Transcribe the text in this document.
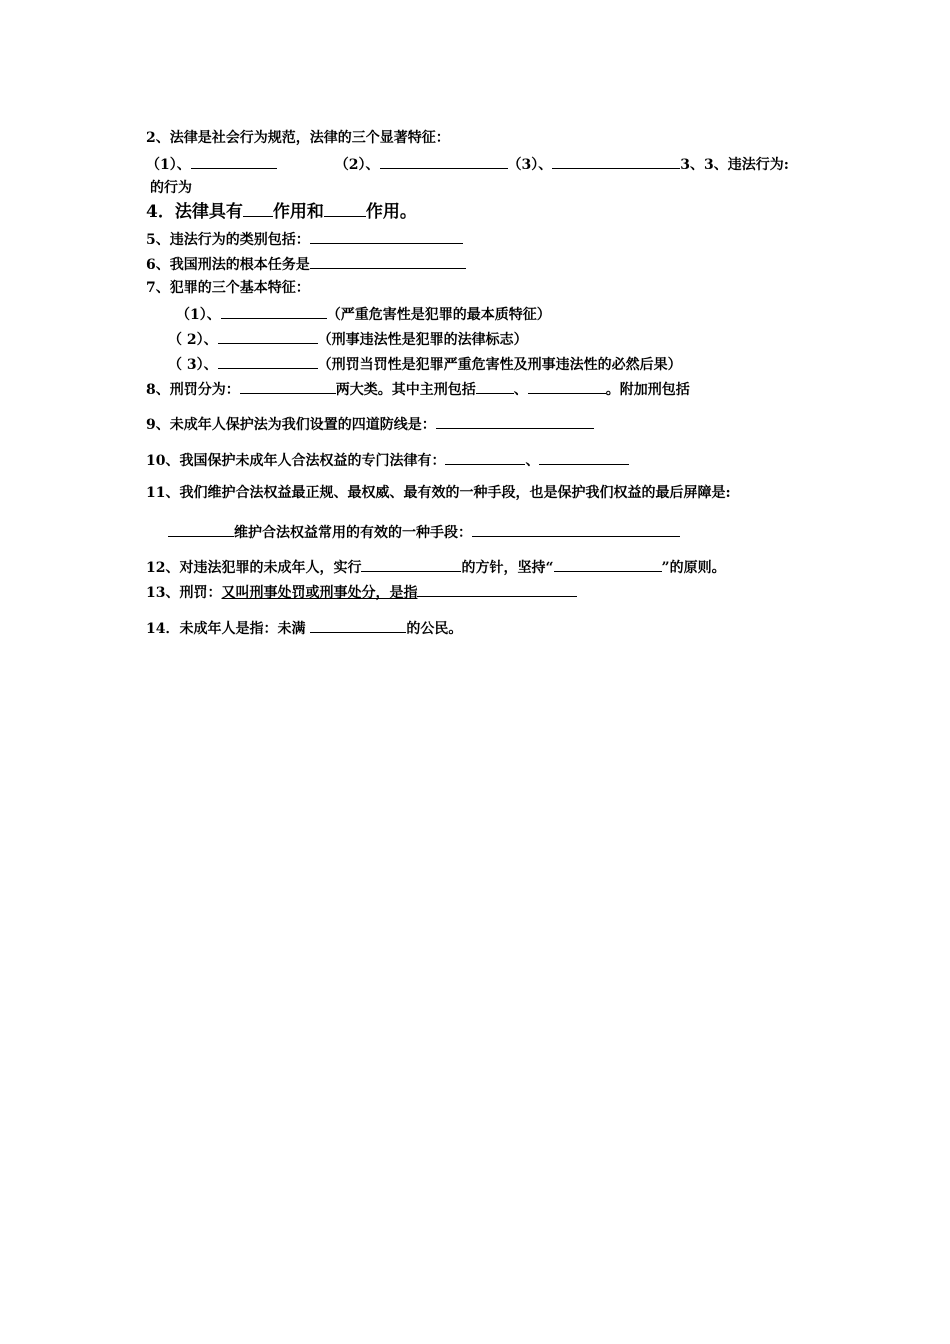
2、法律是社会行为规范，法律的三个显著特征：
（1）、	（2）、	（3）、	3、3、违法行为:
的行为
4．法律具有 作用和 作用。
5、违法行为的类别包括：
6、我国刑法的根本任务是
7、犯罪的三个基本特征：
（1）、	（严重危害性是犯罪的最本质特征）
（ 2）、	（刑事违法性是犯罪的法律标志）
（ 3）、	（刑罚当罚性是犯罪严重危害性及刑事违法性的必然后果）
8、刑罚分为：	两大类。其中主刑包括	、	。附加刑包括
9、未成年人保护法为我们设置的四道防线是：
10、我国保护未成年人合法权益的专门法律有：	、
11、我们维护合法权益最正规、最权威、最有效的一种手段，也是保护我们权益的最后屏障是:
维护合法权益常用的有效的一种手段：
12、对违法犯罪的未成年人，实行	的方针，坚持“	”的原则。
13、刑罚：又叫刑事处罚或刑事处分，是指
14．未成年人是指：未满	的公民。
